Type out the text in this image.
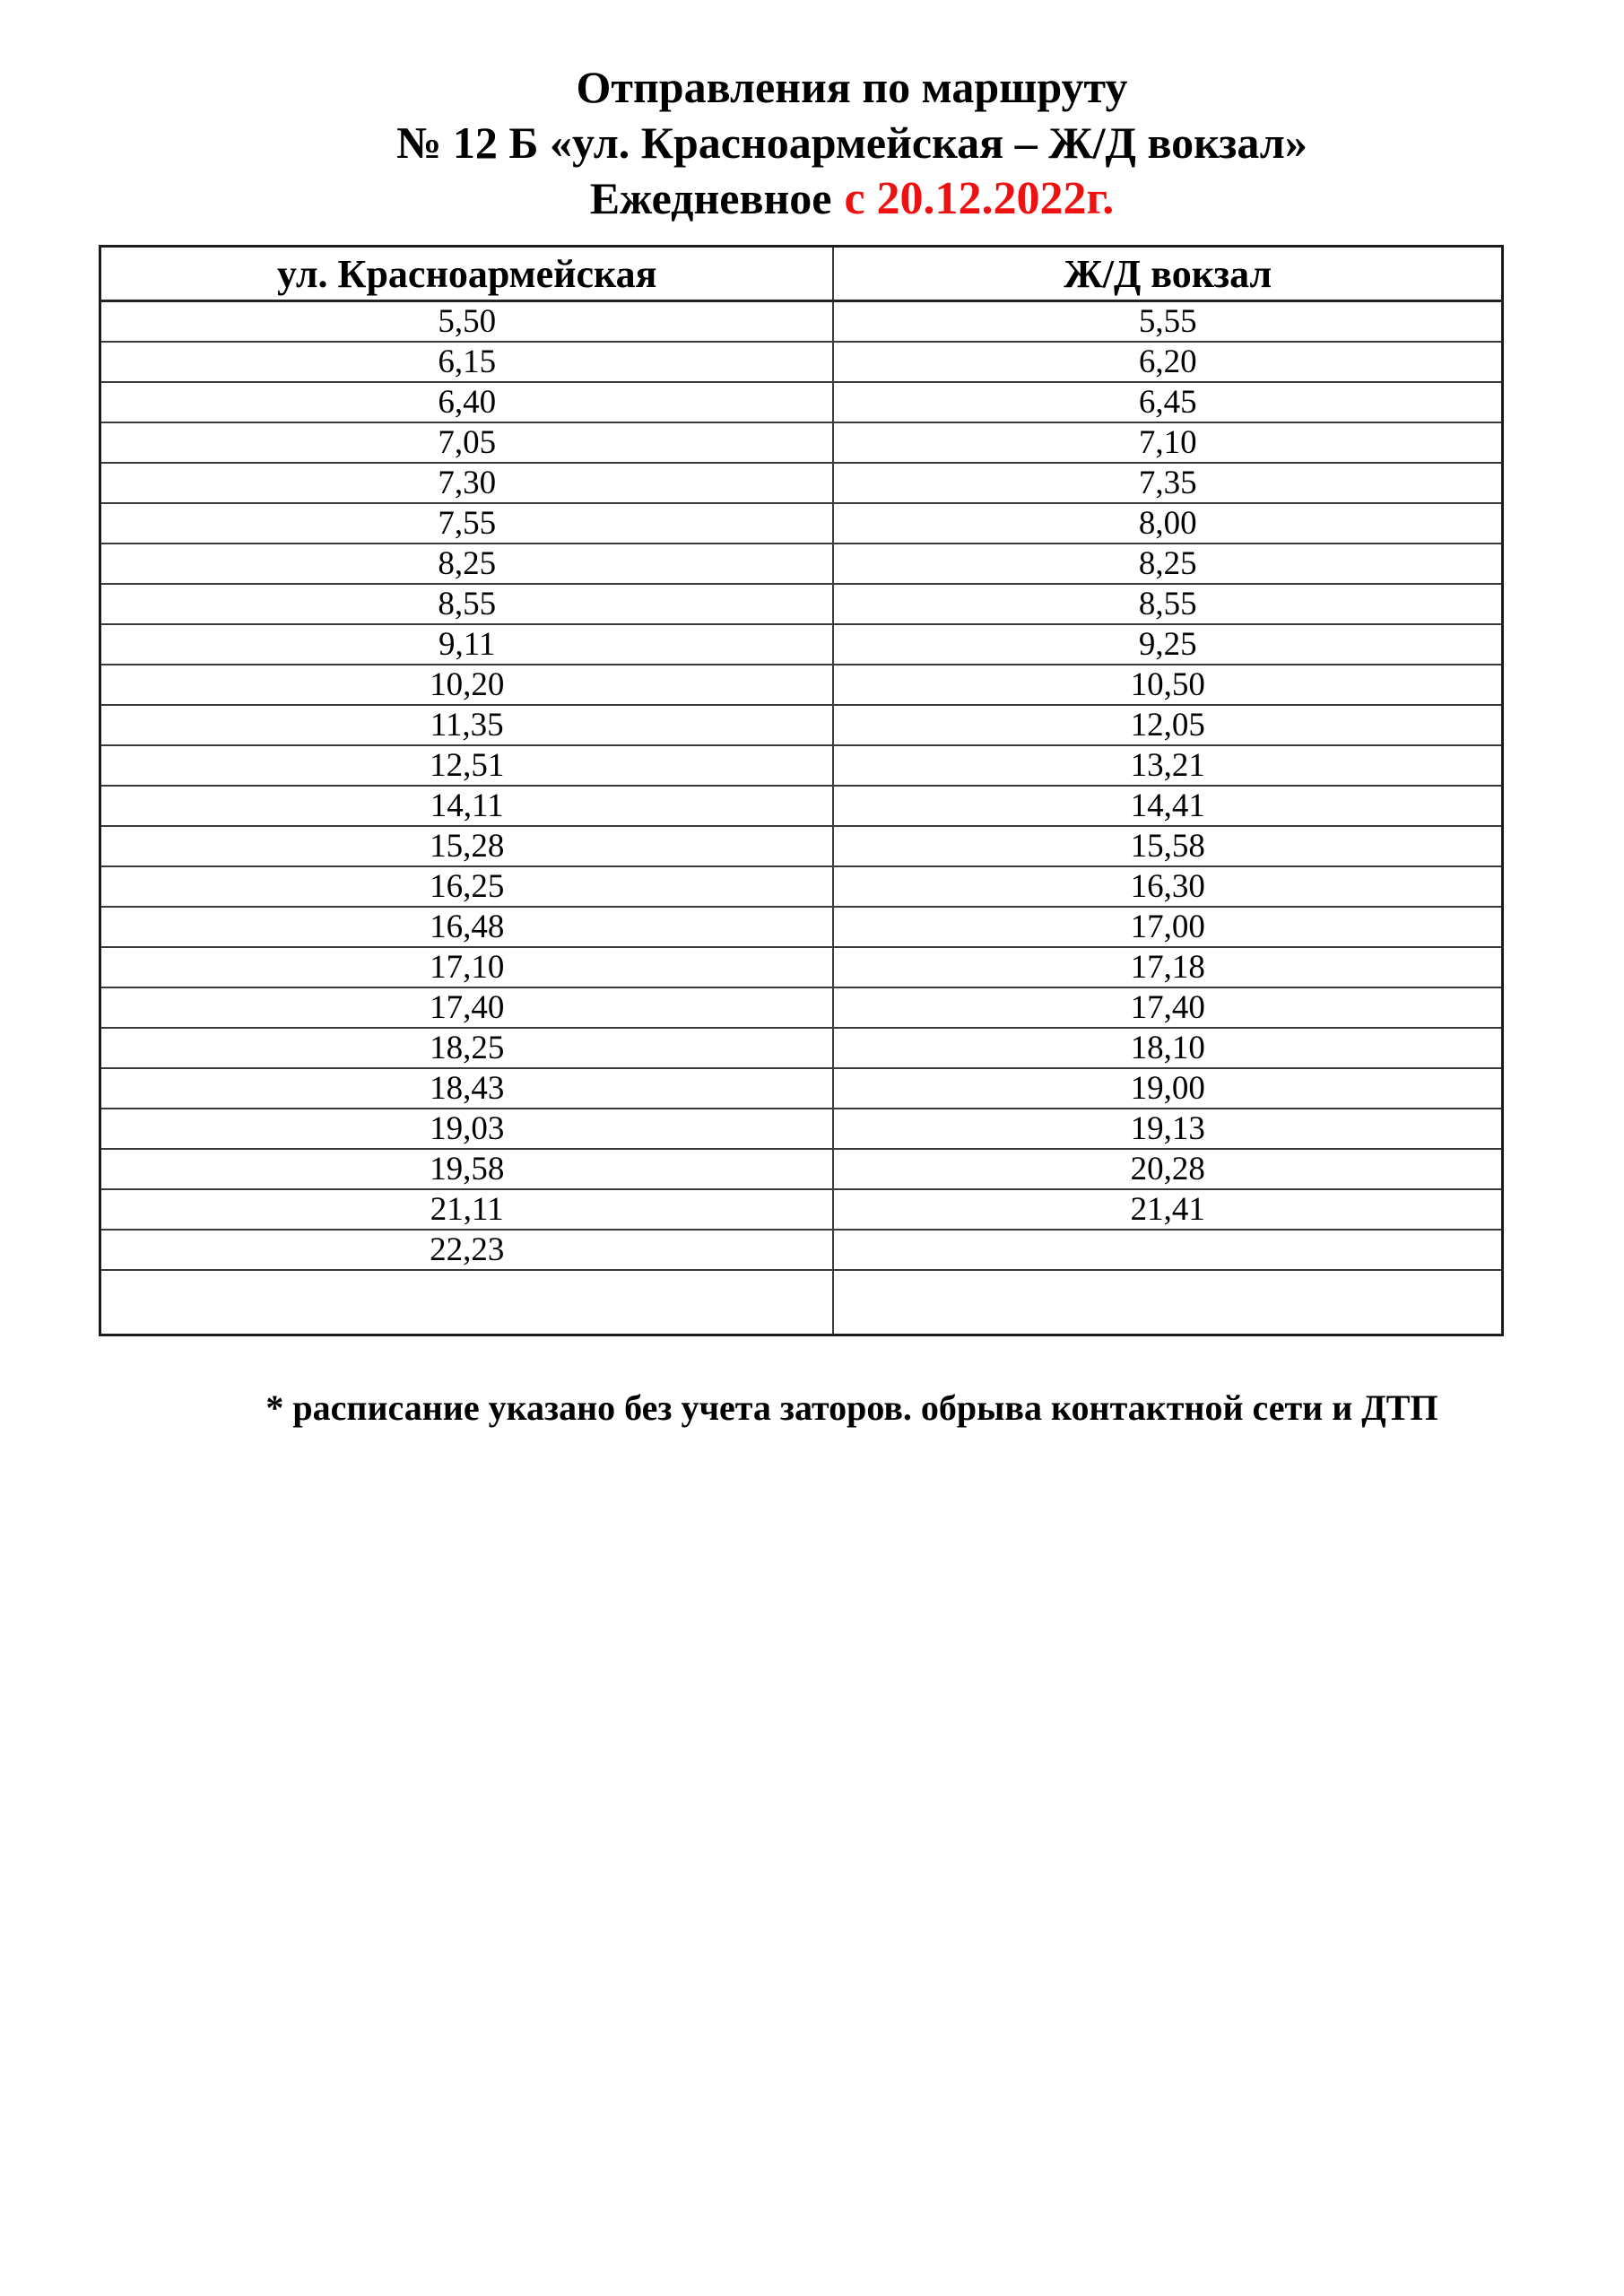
Отправления по маршруту
№ 12 Б «ул. Красноармейская – Ж/Д вокзал»
Ежедневное с 20.12.2022г.
ул. Красноармейская	Ж/Д вокзал
5,50	5,55
6,15	6,20
6,40	6,45
7,05	7,10
7,30	7,35
7,55	8,00
8,25	8,25
8,55	8,55
9,11	9,25
10,20	10,50
11,35	12,05
12,51	13,21
14,11	14,41
15,28	15,58
16,25	16,30
16,48	17,00
17,10	17,18
17,40	17,40
18,25	18,10
18,43	19,00
19,03	19,13
19,58	20,28
21,11	21,41
22,23	

* расписание указано без учета заторов. обрыва контактной сети и ДТП
